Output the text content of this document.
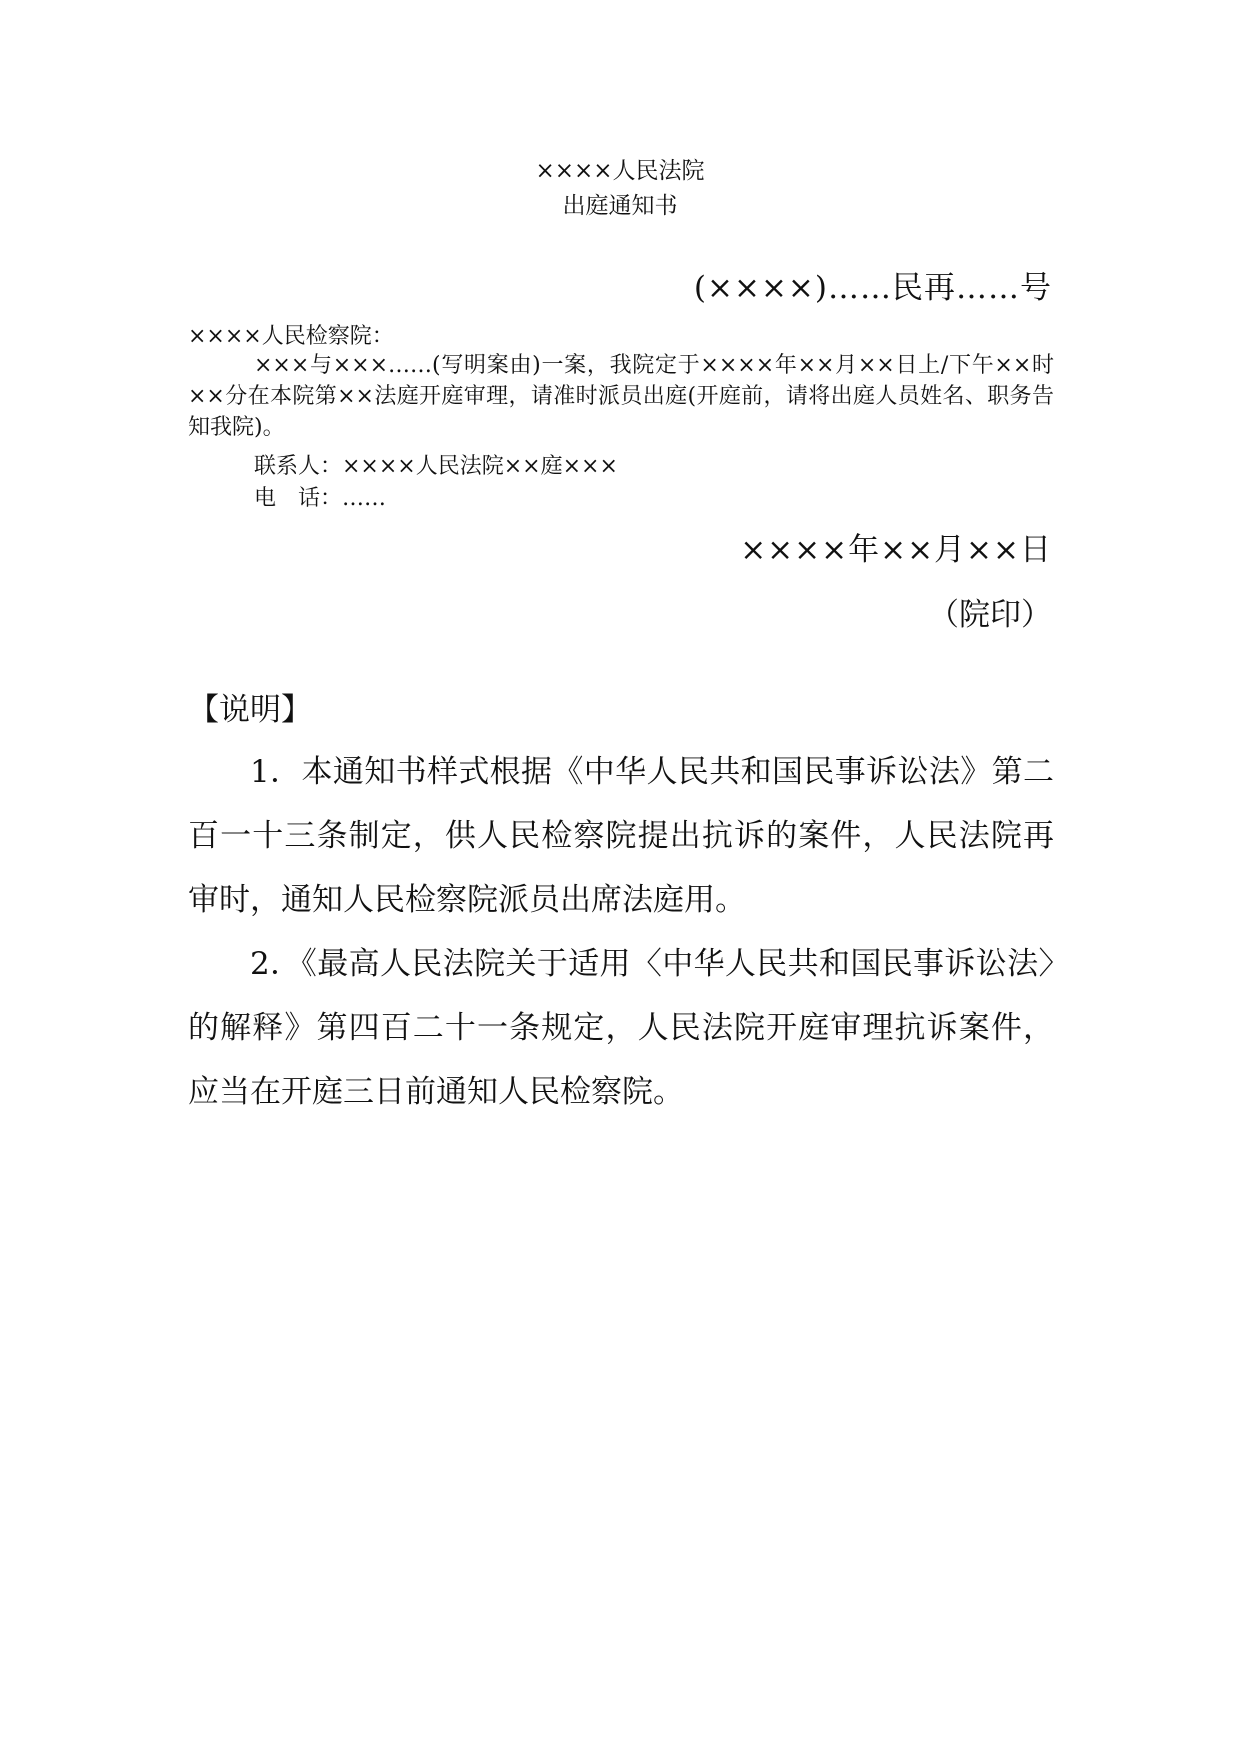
××××人民法院
出庭通知书
(××××)……民再……号
××××人民检察院：

×××与×××……(写明案由)一案，我院定于××××年××月××日上/下午××时××分在本院第××法庭开庭审理，请准时派员出庭(开庭前，请将出庭人员姓名、职务告知我院)。

联系人：××××人民法院××庭×××
电　话：……
××××年××月××日
（院印）
【说明】

1．本通知书样式根据《中华人民共和国民事诉讼法》第二百一十三条制定，供人民检察院提出抗诉的案件，人民法院再审时，通知人民检察院派员出席法庭用。

2．《最高人民法院关于适用〈中华人民共和国民事诉讼法〉的解释》第四百二十一条规定，人民法院开庭审理抗诉案件，应当在开庭三日前通知人民检察院。
